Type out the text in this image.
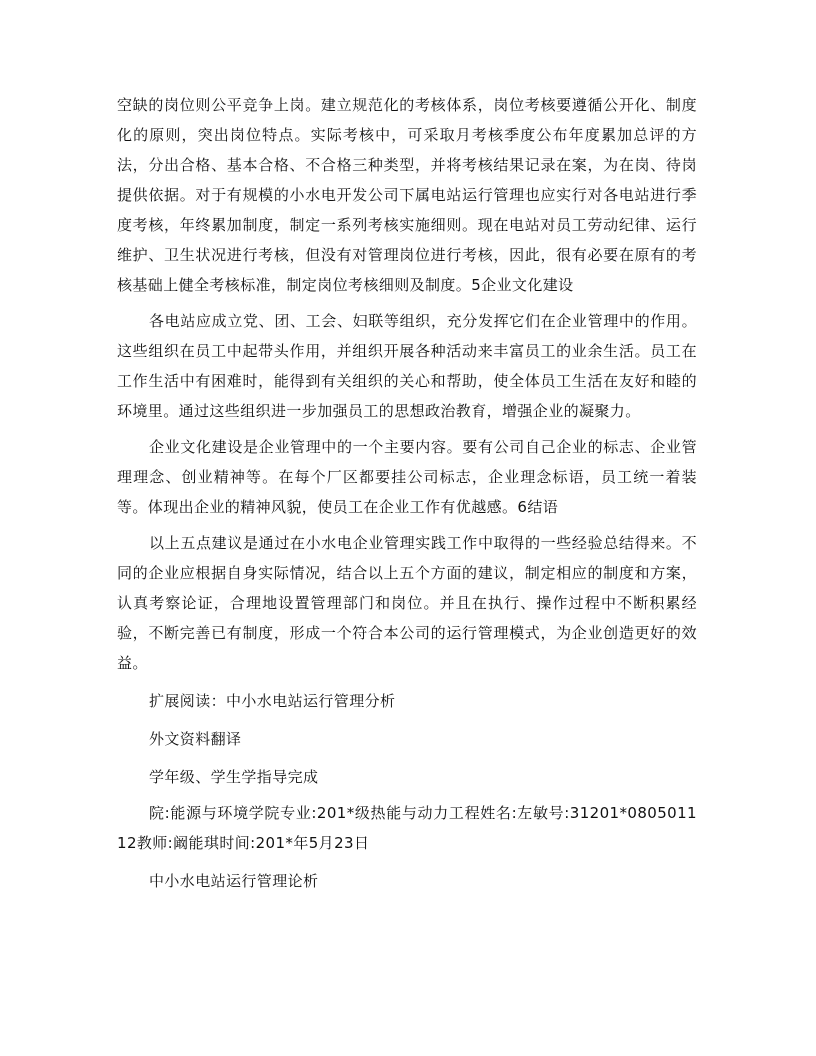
空缺的岗位则公平竞争上岗。建立规范化的考核体系，岗位考核要遵循公开化、制度化的原则，突出岗位特点。实际考核中，可采取月考核季度公布年度累加总评的方法，分出合格、基本合格、不合格三种类型，并将考核结果记录在案，为在岗、待岗提供依据。对于有规模的小水电开发公司下属电站运行管理也应实行对各电站进行季度考核，年终累加制度，制定一系列考核实施细则。现在电站对员工劳动纪律、运行维护、卫生状况进行考核，但没有对管理岗位进行考核，因此，很有必要在原有的考核基础上健全考核标准，制定岗位考核细则及制度。5企业文化建设

各电站应成立党、团、工会、妇联等组织，充分发挥它们在企业管理中的作用。这些组织在员工中起带头作用，并组织开展各种活动来丰富员工的业余生活。员工在工作生活中有困难时，能得到有关组织的关心和帮助，使全体员工生活在友好和睦的环境里。通过这些组织进一步加强员工的思想政治教育，增强企业的凝聚力。

企业文化建设是企业管理中的一个主要内容。要有公司自己企业的标志、企业管理理念、创业精神等。在每个厂区都要挂公司标志，企业理念标语，员工统一着装等。体现出企业的精神风貌，使员工在企业工作有优越感。6结语

以上五点建议是通过在小水电企业管理实践工作中取得的一些经验总结得来。不同的企业应根据自身实际情况，结合以上五个方面的建议，制定相应的制度和方案，认真考察论证，合理地设置管理部门和岗位。并且在执行、操作过程中不断积累经验，不断完善已有制度，形成一个符合本公司的运行管理模式，为企业创造更好的效益。

扩展阅读：中小水电站运行管理分析

外文资料翻译

学年级、学生学指导完成

院:能源与环境学院专业:201*级热能与动力工程姓名:左敏号:31201*080501112教师:阚能琪时间:201*年5月23日

中小水电站运行管理论析
